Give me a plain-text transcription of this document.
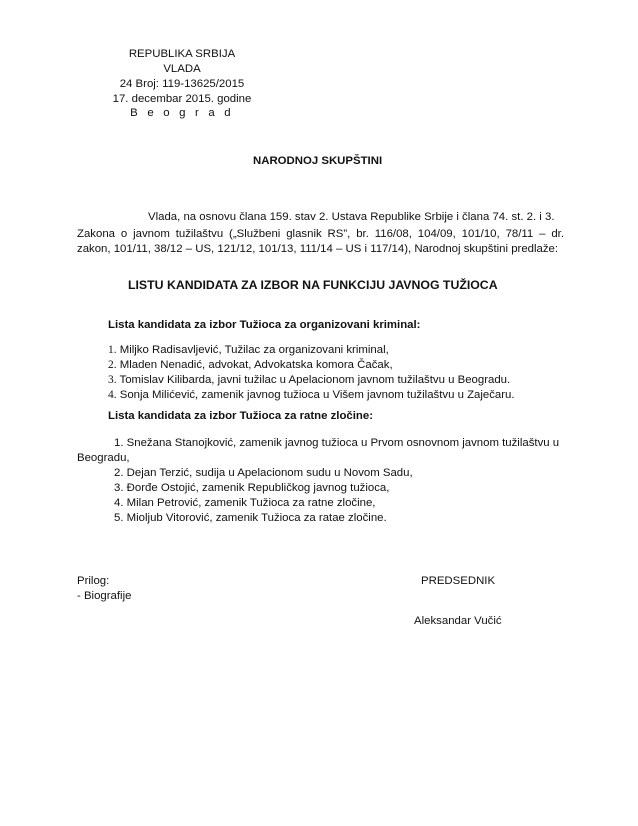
REPUBLIKA SRBIJA
VLADA
24 Broj: 119-13625/2015
17. decembar 2015. godine
B e o g r a d
NARODNOJ SKUPŠTINI
Vlada, na osnovu člana 159. stav 2. Ustava Republike Srbije i člana 74. st. 2. i 3.
Zakona o javnom tužilaštvu („Službeni glasnik RS”, br. 116/08, 104/09, 101/10, 78/11 – dr.
zakon, 101/11, 38/12 – US, 121/12, 101/13, 111/14 – US i 117/14), Narodnoj skupštini predlaže:
LISTU KANDIDATA ZA IZBOR NA FUNKCIJU JAVNOG TUŽIOCA
Lista kandidata za izbor Tužioca za organizovani kriminal:
1. Miljko Radisavljević, Tužilac za organizovani kriminal,
2. Mladen Nenadić, advokat, Advokatska komora Čačak,
3. Tomislav Kilibarda, javni tužilac u Apelacionom javnom tužilaštvu u Beogradu.
4. Sonja Milićević, zamenik javnog tužioca u Višem javnom tužilaštvu u Zaječaru.
Lista kandidata za izbor Tužioca za ratne zločine:
1. Snežana Stanojković, zamenik javnog tužioca u Prvom osnovnom javnom tužilaštvu u
Beogradu,
2. Dejan Terzić, sudija u Apelacionom sudu u Novom Sadu,
3. Đorđe Ostojić, zamenik Republičkog javnog tužioca,
4. Milan Petrović, zamenik Tužioca za ratne zločine,
5. Mioljub Vitorović, zamenik Tužioca za ratae zločine.
Prilog:
- Biografije
PREDSEDNIK
Aleksandar Vučić
